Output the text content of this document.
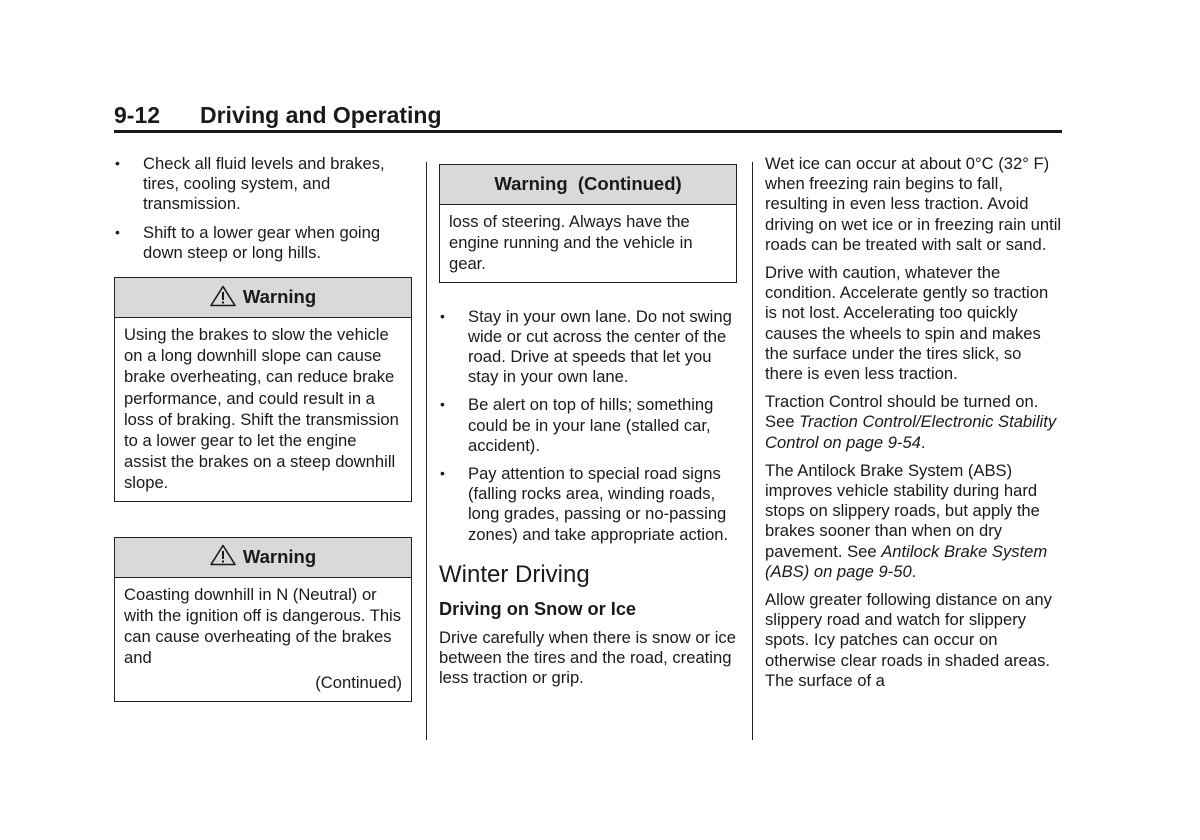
9-12 Driving and Operating
• Check all fluid levels and brakes, tires, cooling system, and transmission.
• Shift to a lower gear when going down steep or long hills.
Warning
Using the brakes to slow the vehicle on a long downhill slope can cause brake overheating, can reduce brake performance, and could result in a loss of braking. Shift the transmission to a lower gear to let the engine assist the brakes on a steep downhill slope.
Warning
Coasting downhill in N (Neutral) or with the ignition off is dangerous. This can cause overheating of the brakes and
(Continued)
Warning  (Continued)
loss of steering. Always have the engine running and the vehicle in gear.
• Stay in your own lane. Do not swing wide or cut across the center of the road. Drive at speeds that let you stay in your own lane.
• Be alert on top of hills; something could be in your lane (stalled car, accident).
• Pay attention to special road signs (falling rocks area, winding roads, long grades, passing or no-passing zones) and take appropriate action.
Winter Driving
Driving on Snow or Ice

Drive carefully when there is snow or ice between the tires and the road, creating less traction or grip.

Wet ice can occur at about 0°C (32° F) when freezing rain begins to fall, resulting in even less traction. Avoid driving on wet ice or in freezing rain until roads can be treated with salt or sand.

Drive with caution, whatever the condition. Accelerate gently so traction is not lost. Accelerating too quickly causes the wheels to spin and makes the surface under the tires slick, so there is even less traction.

Traction Control should be turned on. See Traction Control/Electronic Stability Control on page 9-54.

The Antilock Brake System (ABS) improves vehicle stability during hard stops on slippery roads, but apply the brakes sooner than when on dry pavement. See Antilock Brake System (ABS) on page 9-50.

Allow greater following distance on any slippery road and watch for slippery spots. Icy patches can occur on otherwise clear roads in shaded areas. The surface of a
